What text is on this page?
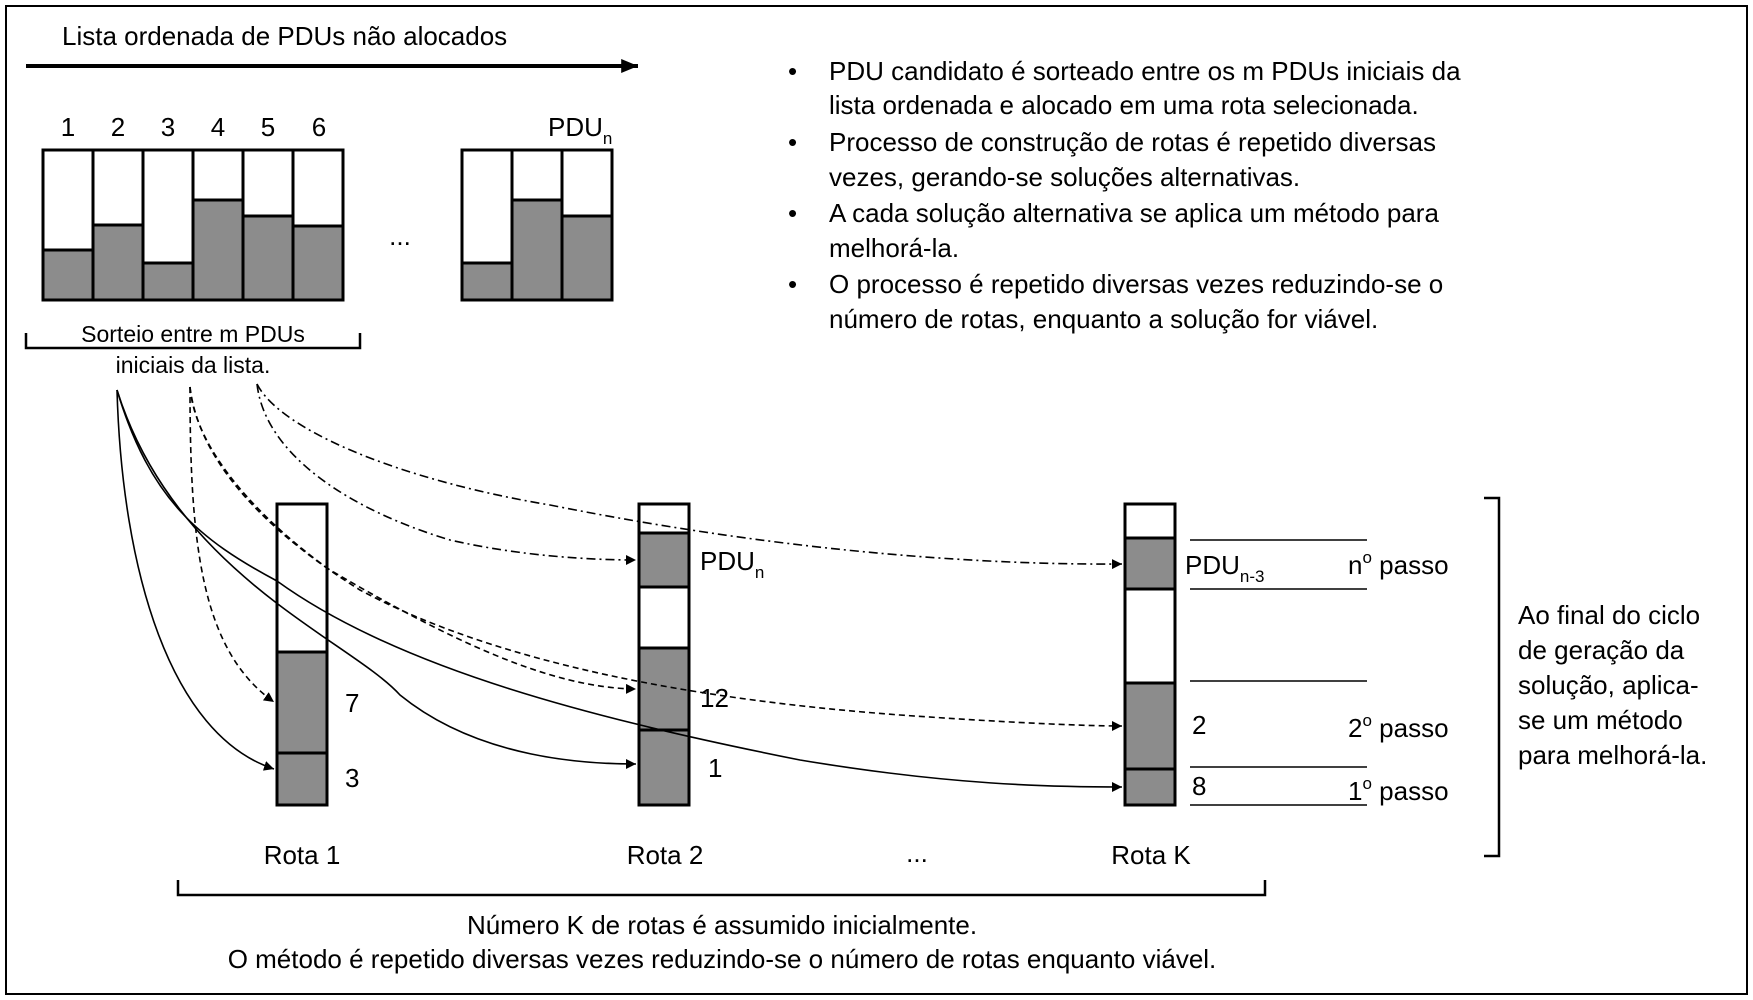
Lista ordenada de PDUs não alocados
1 2 3 4 5 6	$PDU_n$
...
Sorteio entre m PDUs
iniciais da lista.
• PDU candidato é sorteado entre os m PDUs iniciais da
lista ordenada e alocado em uma rota selecionada.
• Processo de construção de rotas é repetido diversas
vezes, gerando-se soluções alternativas.
• A cada solução alternativa se aplica um método para
melhorá-la.
• O processo é repetido diversas vezes reduzindo-se o
número de rotas, enquanto a solução for viável.
7
3
$PDU_n$
12
1
$PDU_{n-3}$
2
8
$n^o$ passo
2$^o$ passo
1$^o$ passo
Ao final do ciclo
de geração da
solução, aplica-
se um método
para melhorá-la.
Rota 1	Rota 2	...	Rota K
Número K de rotas é assumido inicialmente.
O método é repetido diversas vezes reduzindo-se o número de rotas enquanto viável.
